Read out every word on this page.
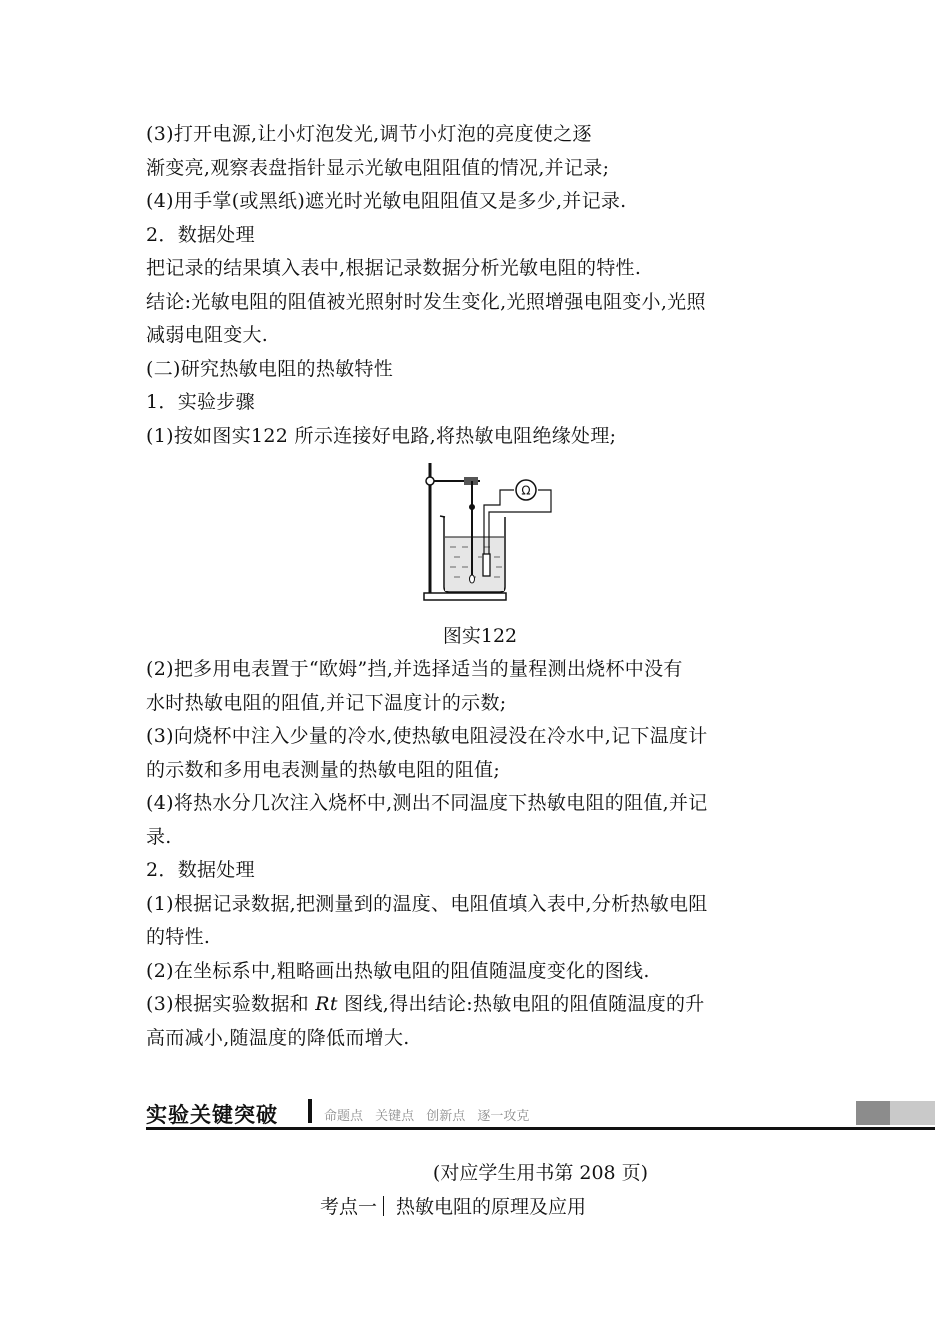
(3)打开电源,让小灯泡发光,调节小灯泡的亮度使之逐
渐变亮,观察表盘指针显示光敏电阻阻值的情况,并记录;
(4)用手掌(或黑纸)遮光时光敏电阻阻值又是多少,并记录.
2．数据处理
把记录的结果填入表中,根据记录数据分析光敏电阻的特性.
结论:光敏电阻的阻值被光照射时发生变化,光照增强电阻变小,光照
减弱电阻变大.
(二)研究热敏电阻的热敏特性
1．实验步骤
(1)按如图实122 所示连接好电路,将热敏电阻绝缘处理;
Ω
图实122
(2)把多用电表置于“欧姆”挡,并选择适当的量程测出烧杯中没有
水时热敏电阻的阻值,并记下温度计的示数;
(3)向烧杯中注入少量的冷水,使热敏电阻浸没在冷水中,记下温度计
的示数和多用电表测量的热敏电阻的阻值;
(4)将热水分几次注入烧杯中,测出不同温度下热敏电阻的阻值,并记
录.
2．数据处理
(1)根据记录数据,把测量到的温度、电阻值填入表中,分析热敏电阻
的特性.
(2)在坐标系中,粗略画出热敏电阻的阻值随温度变化的图线.
(3)根据实验数据和 Rt 图线,得出结论:热敏电阻的阻值随温度的升
高而减小,随温度的降低而增大.
实验关键突破	命题点 关键点 创新点 逐一攻克
(对应学生用书第 208 页)
考点一 热敏电阻的原理及应用
